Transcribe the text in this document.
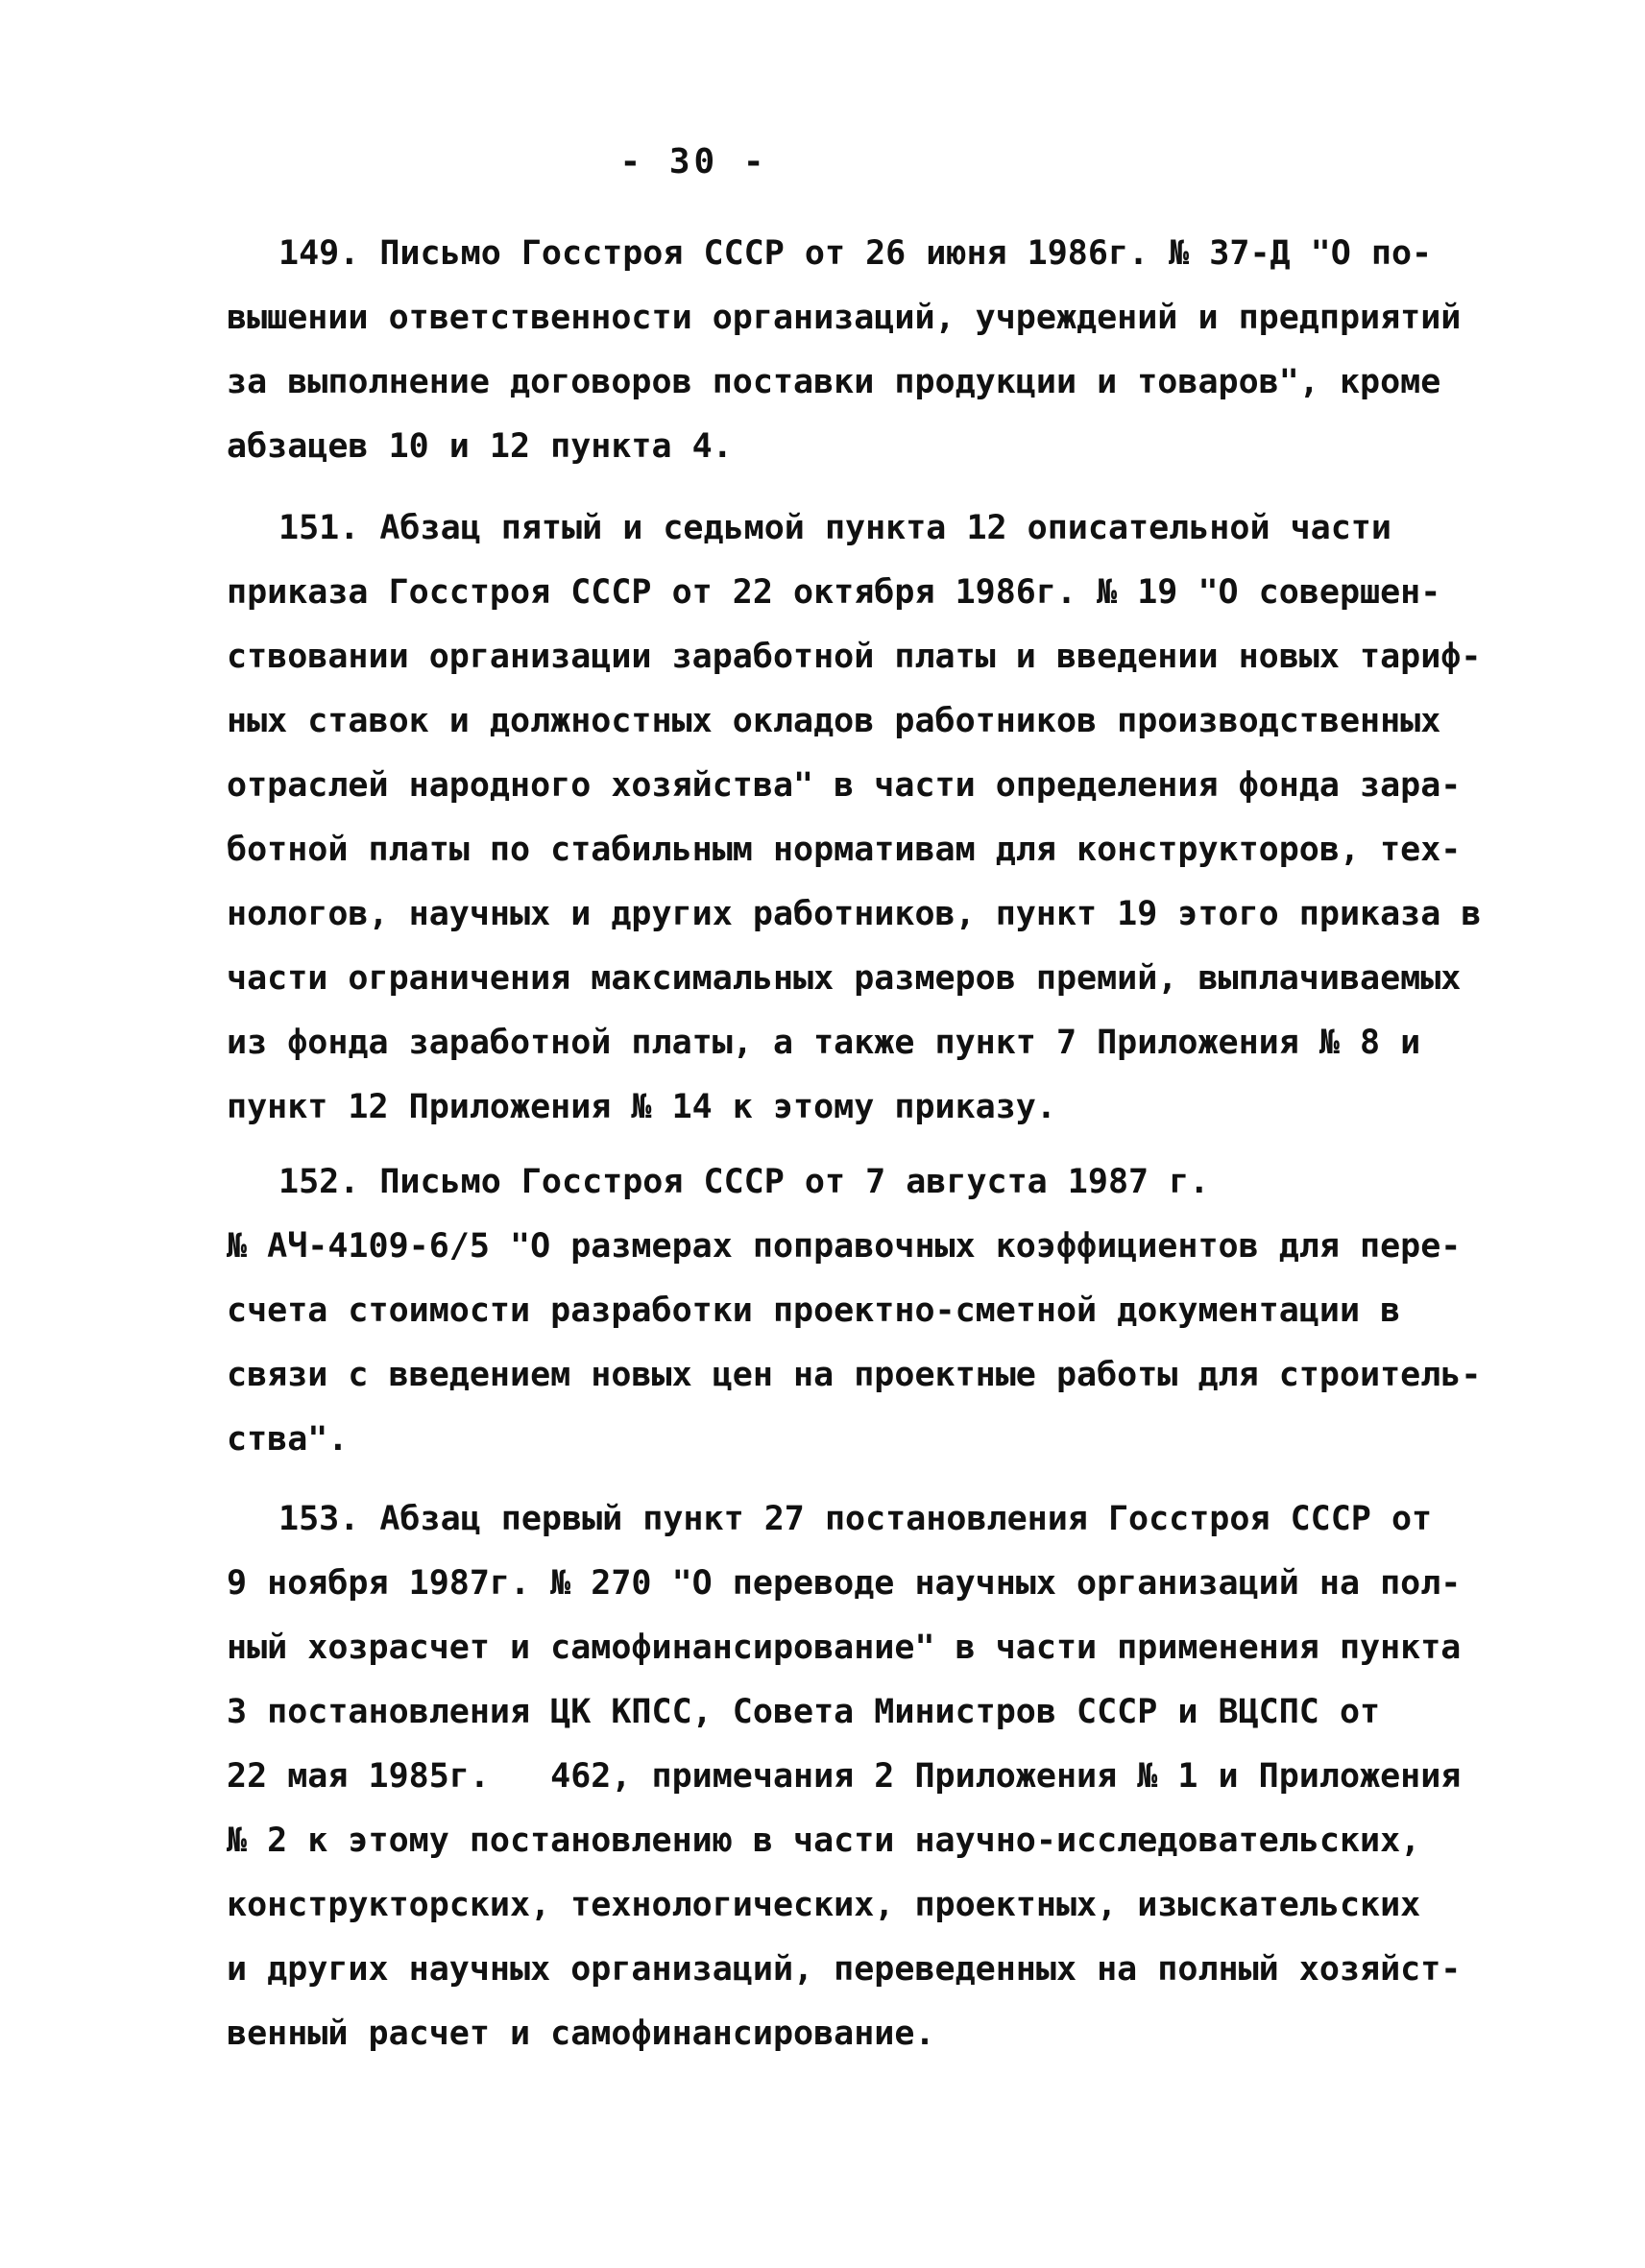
- 30 -
149. Письмо Госстроя СССР от 26 июня 1986г. № 37-Д "О по-
вышении ответственности организаций, учреждений и предприятий
за выполнение договоров поставки продукции и товаров", кроме
абзацев 10 и 12 пункта 4.
151. Абзац пятый и седьмой пункта 12 описательной части
приказа Госстроя СССР от 22 октября 1986г. № 19 "О совершен-
ствовании организации заработной платы и введении новых тариф-
ных ставок и должностных окладов работников производственных
отраслей народного хозяйства" в части определения фонда зара-
ботной платы по стабильным нормативам для конструкторов, тех-
нологов, научных и других работников, пункт 19 этого приказа в
части ограничения максимальных размеров премий, выплачиваемых
из фонда заработной платы, а также пункт 7 Приложения № 8 и
пункт 12 Приложения № 14 к этому приказу.
152. Письмо Госстроя СССР от 7 августа 1987 г.
№ АЧ-4109-6/5 "О размерах поправочных коэффициентов для пере-
счета стоимости разработки проектно-сметной документации в
связи с введением новых цен на проектные работы для строитель-
ства".
153. Абзац первый пункт 27 постановления Госстроя СССР от
9 ноября 1987г. № 270 "О переводе научных организаций на пол-
ный хозрасчет и самофинансирование" в части применения пункта
3 постановления ЦК КПСС, Совета Министров СССР и ВЦСПС от
22 мая 1985г.   462, примечания 2 Приложения № 1 и Приложения
№ 2 к этому постановлению в части научно-исследовательских,
конструкторских, технологических, проектных, изыскательских
и других научных организаций, переведенных на полный хозяйст-
венный расчет и самофинансирование.
